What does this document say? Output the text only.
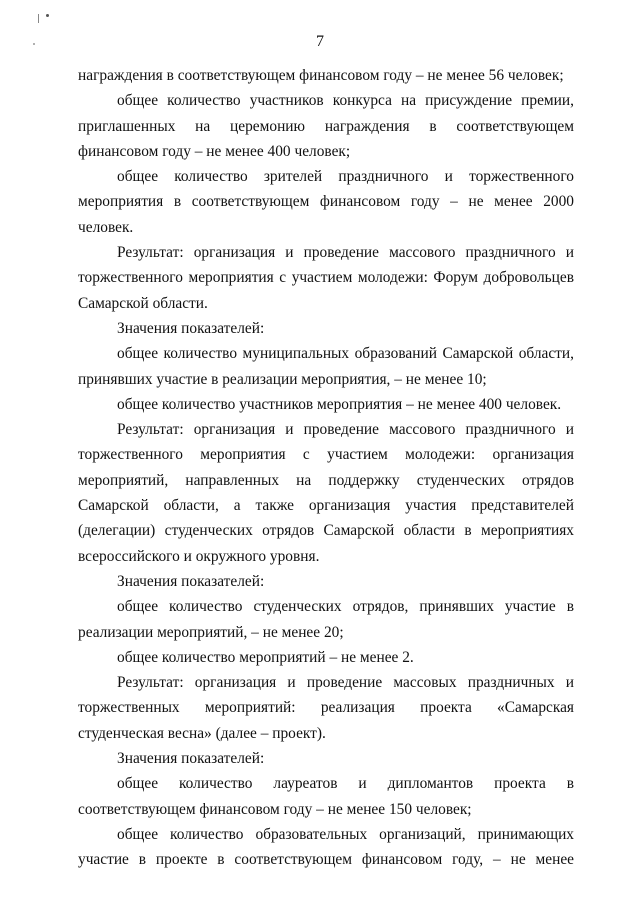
7

награждения в соответствующем финансовом году – не менее 56 человек;

общее количество участников конкурса на присуждение премии, приглашенных на церемонию награждения в соответствующем финансовом году – не менее 400 человек;

общее количество зрителей праздничного и торжественного мероприятия в соответствующем финансовом году – не менее 2000 человек.

Результат: организация и проведение массового праздничного и торжественного мероприятия с участием молодежи: Форум добровольцев Самарской области.

Значения показателей:

общее количество муниципальных образований Самарской области, принявших участие в реализации мероприятия, – не менее 10;

общее количество участников мероприятия – не менее 400 человек.

Результат: организация и проведение массового праздничного и торжественного мероприятия с участием молодежи: организация мероприятий, направленных на поддержку студенческих отрядов Самарской области, а также организация участия представителей (делегации) студенческих отрядов Самарской области в мероприятиях всероссийского и окружного уровня.

Значения показателей:

общее количество студенческих отрядов, принявших участие в реализации мероприятий, – не менее 20;

общее количество мероприятий – не менее 2.

Результат: организация и проведение массовых праздничных и торжественных мероприятий: реализация проекта «Самарская студенческая весна» (далее – проект).

Значения показателей:

общее количество лауреатов и дипломантов проекта в соответствующем финансовом году – не менее 150 человек;

общее количество образовательных организаций, принимающих участие в проекте в соответствующем финансовом году, – не менее
